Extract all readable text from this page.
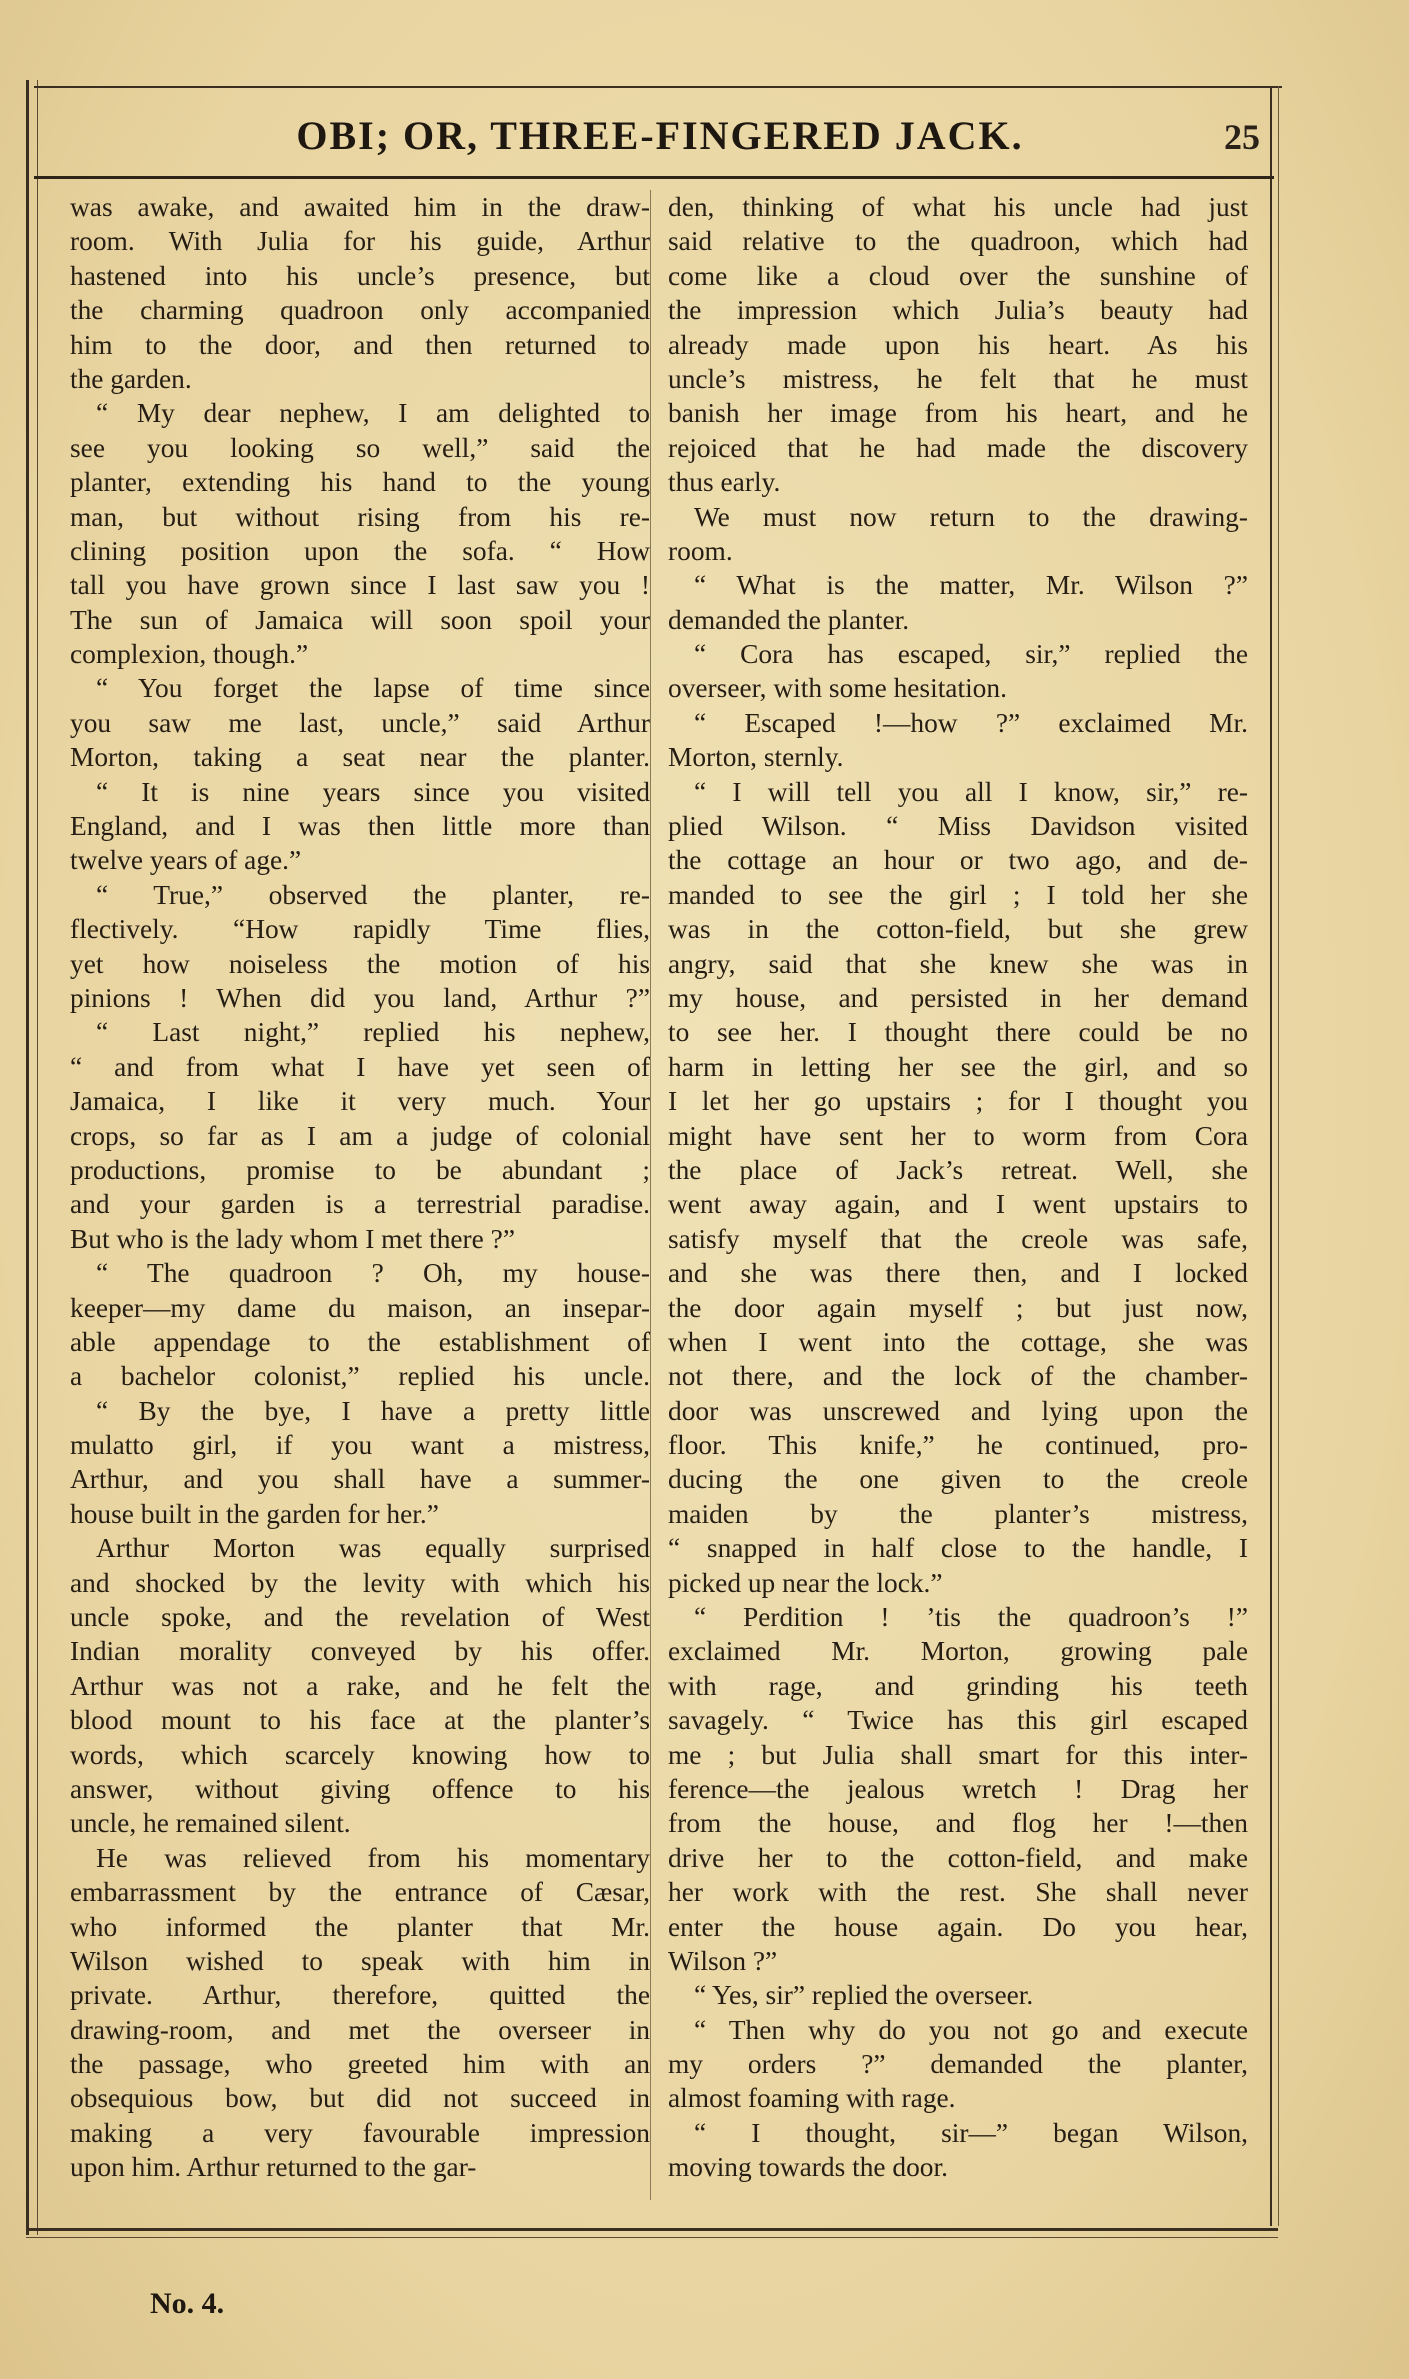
OBI; OR, THREE-FINGERED JACK.	25
was awake, and awaited him in the draw-
room. With Julia for his guide, Arthur
hastened into his uncle’s presence, but
the charming quadroon only accompanied
him to the door, and then returned to
the garden.
“ My dear nephew, I am delighted to
see you looking so well,” said the
planter, extending his hand to the young
man, but without rising from his re-
clining position upon the sofa. “ How
tall you have grown since I last saw you !
The sun of Jamaica will soon spoil your
complexion, though.”
“ You forget the lapse of time since
you saw me last, uncle,” said Arthur
Morton, taking a seat near the planter.
“ It is nine years since you visited
England, and I was then little more than
twelve years of age.”
“ True,” observed the planter, re-
flectively. “How rapidly Time flies,
yet how noiseless the motion of his
pinions ! When did you land, Arthur ?”
“ Last night,” replied his nephew,
“ and from what I have yet seen of
Jamaica, I like it very much. Your
crops, so far as I am a judge of colonial
productions, promise to be abundant ;
and your garden is a terrestrial paradise.
But who is the lady whom I met there ?”
“ The quadroon ? Oh, my house-
keeper—my dame du maison, an insepar-
able appendage to the establishment of
a bachelor colonist,” replied his uncle.
“ By the bye, I have a pretty little
mulatto girl, if you want a mistress,
Arthur, and you shall have a summer-
house built in the garden for her.”
Arthur Morton was equally surprised
and shocked by the levity with which his
uncle spoke, and the revelation of West
Indian morality conveyed by his offer.
Arthur was not a rake, and he felt the
blood mount to his face at the planter’s
words, which scarcely knowing how to
answer, without giving offence to his
uncle, he remained silent.
He was relieved from his momentary
embarrassment by the entrance of Cæsar,
who informed the planter that Mr.
Wilson wished to speak with him in
private. Arthur, therefore, quitted the
drawing-room, and met the overseer in
the passage, who greeted him with an
obsequious bow, but did not succeed in
making a very favourable impression
upon him. Arthur returned to the gar-
den, thinking of what his uncle had just
said relative to the quadroon, which had
come like a cloud over the sunshine of
the impression which Julia’s beauty had
already made upon his heart. As his
uncle’s mistress, he felt that he must
banish her image from his heart, and he
rejoiced that he had made the discovery
thus early.
We must now return to the drawing-
room.
“ What is the matter, Mr. Wilson ?”
demanded the planter.
“ Cora has escaped, sir,” replied the
overseer, with some hesitation.
“ Escaped !—how ?” exclaimed Mr.
Morton, sternly.
“ I will tell you all I know, sir,” re-
plied Wilson. “ Miss Davidson visited
the cottage an hour or two ago, and de-
manded to see the girl ; I told her she
was in the cotton-field, but she grew
angry, said that she knew she was in
my house, and persisted in her demand
to see her. I thought there could be no
harm in letting her see the girl, and so
I let her go upstairs ; for I thought you
might have sent her to worm from Cora
the place of Jack’s retreat. Well, she
went away again, and I went upstairs to
satisfy myself that the creole was safe,
and she was there then, and I locked
the door again myself ; but just now,
when I went into the cottage, she was
not there, and the lock of the chamber-
door was unscrewed and lying upon the
floor. This knife,” he continued, pro-
ducing the one given to the creole
maiden by the planter’s mistress,
“ snapped in half close to the handle, I
picked up near the lock.”
“ Perdition ! ’tis the quadroon’s !”
exclaimed Mr. Morton, growing pale
with rage, and grinding his teeth
savagely. “ Twice has this girl escaped
me ; but Julia shall smart for this inter-
ference—the jealous wretch ! Drag her
from the house, and flog her !—then
drive her to the cotton-field, and make
her work with the rest. She shall never
enter the house again. Do you hear,
Wilson ?”
“ Yes, sir” replied the overseer.
“ Then why do you not go and execute
my orders ?” demanded the planter,
almost foaming with rage.
“ I thought, sir—” began Wilson,
moving towards the door.
No. 4.
